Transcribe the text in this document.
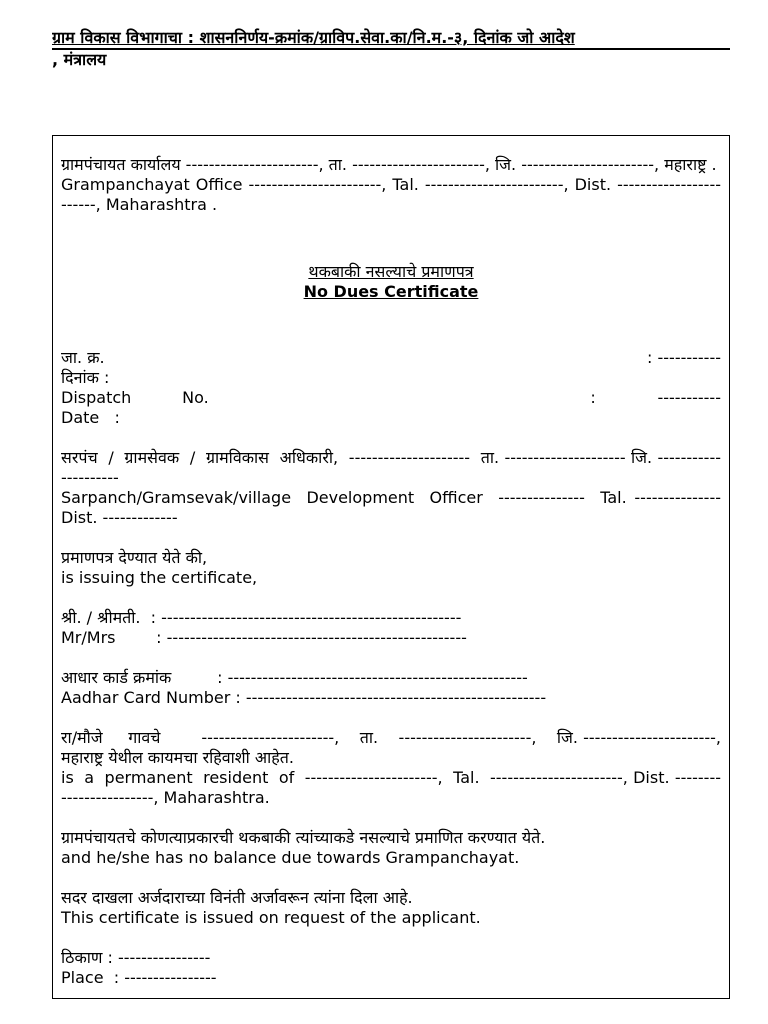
ग्राम विकास विभागाचा : शासननिर्णय-क्रमांक/ग्राविप.सेवा.का/नि.म.-३, दिनांक जो आदेश
, मंत्रालय

ग्रामपंचायत कार्यालय -----------------------, ता. -----------------------, जि. -----------------------, महाराष्ट्र .

Grampanchayat Office -----------------------, Tal. ------------------------, Dist. ------------------------, Maharashtra .

थकबाकी नसल्याचे प्रमाणपत्र
No Dues Certificate
जा. क्र.	: -----------
दिनांक :
Dispatch          No.	:	-----------
Date   :

सरपंच  /  ग्रामसेवक  /  ग्रामविकास  अधिकारी,  ---------------------  ता. --------------------- जि. ---------------------

Sarpanch/Gramsevak/village  Development  Officer  ---------------  Tal. --------------- Dist. -------------

प्रमाणपत्र देण्यात येते की,

is issuing the certificate,

श्री. / श्रीमती.  : ----------------------------------------------------

Mr/Mrs        : ----------------------------------------------------

आधार कार्ड क्रमांक         : ----------------------------------------------------

Aadhar Card Number : ----------------------------------------------------

रा/मौजे     गावचे        -----------------------,    ता.    -----------------------,    जि. -----------------------, महाराष्ट्र येथील कायमचा रहिवाशी आहेत.

is  a  permanent  resident  of  -----------------------,  Tal.  -----------------------, Dist. ------------------------, Maharashtra.

ग्रामपंचायतचे कोणत्याप्रकारची थकबाकी त्यांच्याकडे नसल्याचे प्रमाणित करण्यात येते.

and he/she has no balance due towards Grampanchayat.

सदर दाखला अर्जदाराच्या विनंती अर्जावरून त्यांना दिला आहे.

This certificate is issued on request of the applicant.

ठिकाण : ----------------

Place  : ----------------
